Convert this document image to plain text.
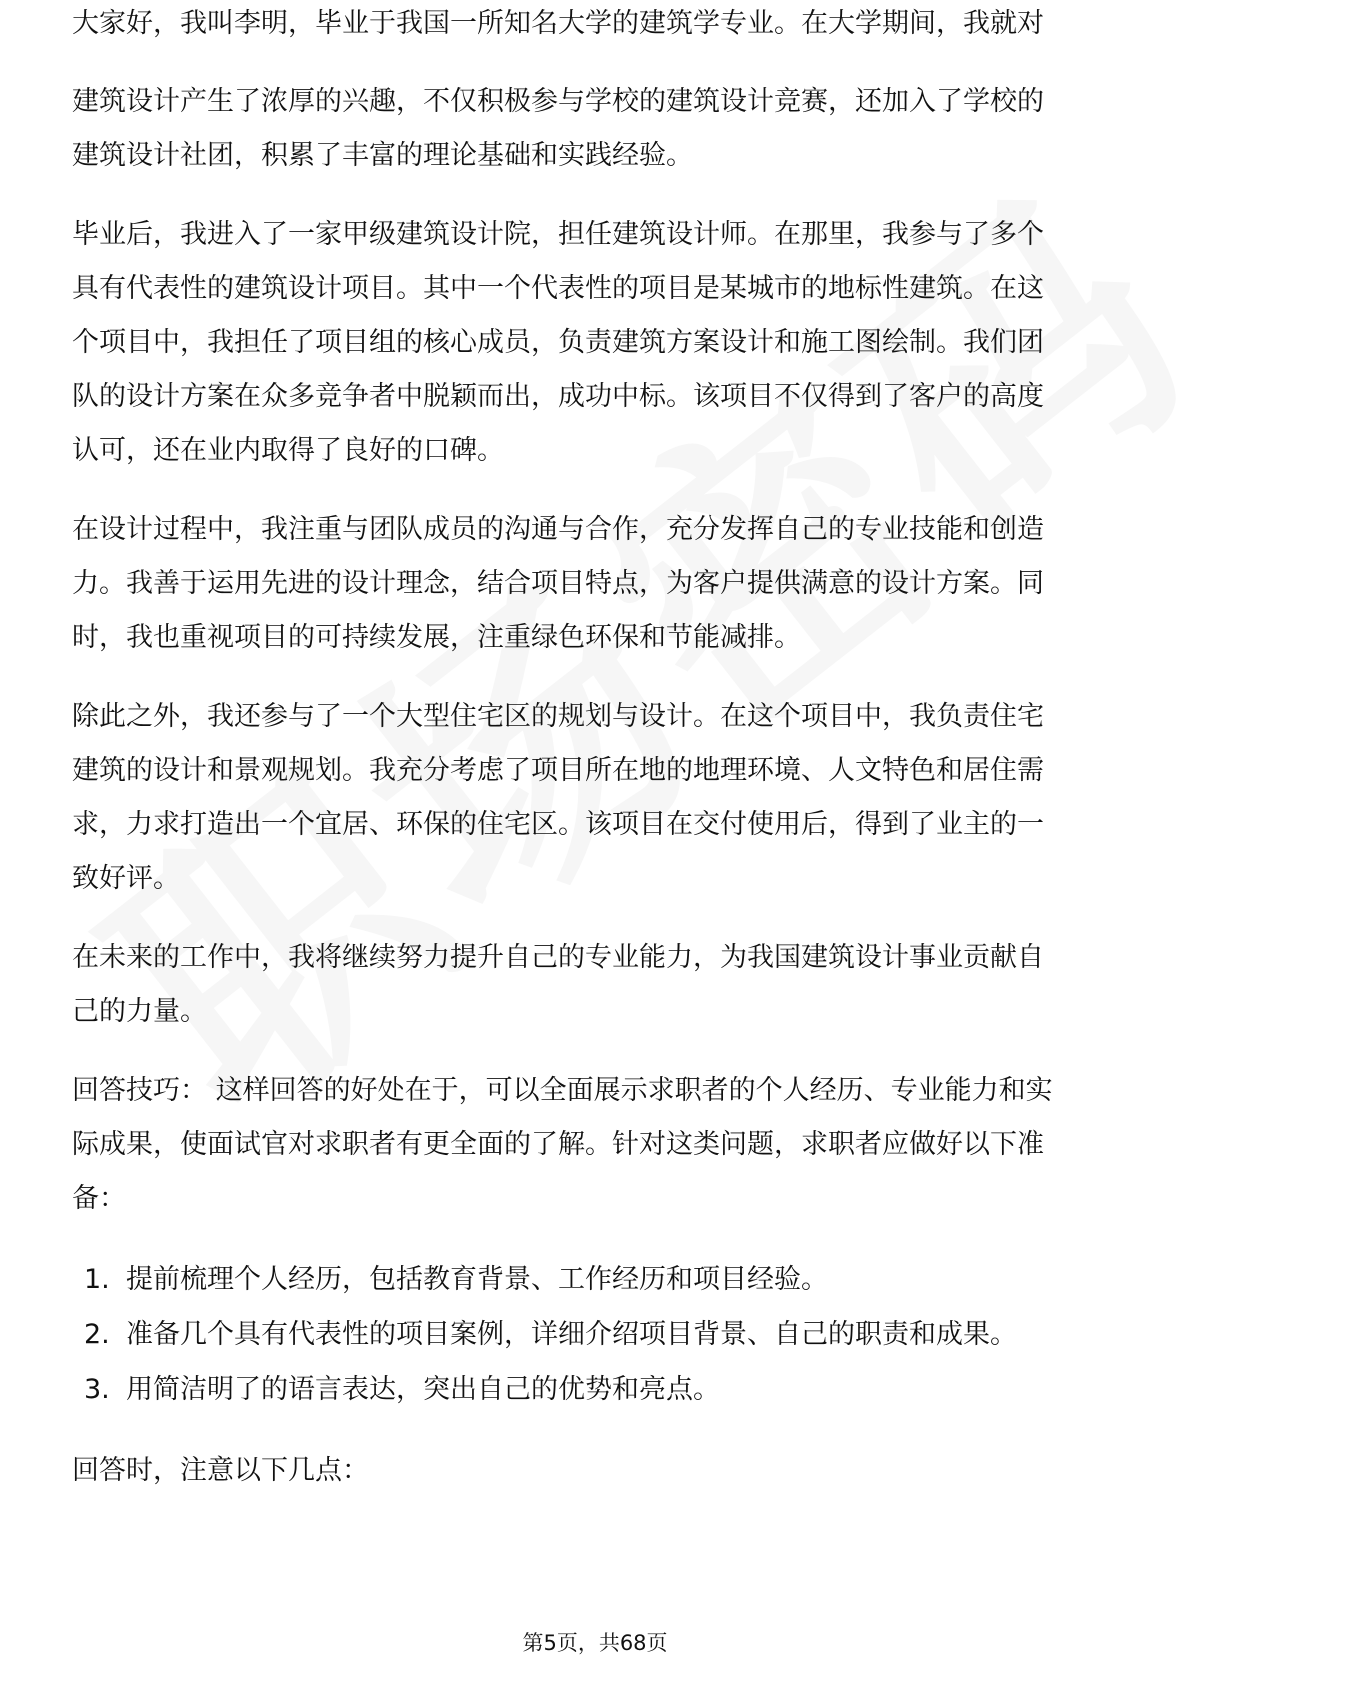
大家好，我叫李明，毕业于我国一所知名大学的建筑学专业。在大学期间，我就对
建筑设计产生了浓厚的兴趣，不仅积极参与学校的建筑设计竞赛，还加入了学校的
建筑设计社团，积累了丰富的理论基础和实践经验。
毕业后，我进入了一家甲级建筑设计院，担任建筑设计师。在那里，我参与了多个
具有代表性的建筑设计项目。其中一个代表性的项目是某城市的地标性建筑。在这
个项目中，我担任了项目组的核心成员，负责建筑方案设计和施工图绘制。我们团
队的设计方案在众多竞争者中脱颖而出，成功中标。该项目不仅得到了客户的高度
认可，还在业内取得了良好的口碑。
在设计过程中，我注重与团队成员的沟通与合作，充分发挥自己的专业技能和创造
力。我善于运用先进的设计理念，结合项目特点，为客户提供满意的设计方案。同
时，我也重视项目的可持续发展，注重绿色环保和节能减排。
除此之外，我还参与了一个大型住宅区的规划与设计。在这个项目中，我负责住宅
建筑的设计和景观规划。我充分考虑了项目所在地的地理环境、人文特色和居住需
求，力求打造出一个宜居、环保的住宅区。该项目在交付使用后，得到了业主的一
致好评。
在未来的工作中，我将继续努力提升自己的专业能力，为我国建筑设计事业贡献自
己的力量。
回答技巧： 这样回答的好处在于，可以全面展示求职者的个人经历、专业能力和实
际成果，使面试官对求职者有更全面的了解。针对这类问题，求职者应做好以下准
备：
1. 提前梳理个人经历，包括教育背景、工作经历和项目经验。
2. 准备几个具有代表性的项目案例，详细介绍项目背景、自己的职责和成果。
3. 用简洁明了的语言表达，突出自己的优势和亮点。
回答时，注意以下几点：
第5页，共68页
